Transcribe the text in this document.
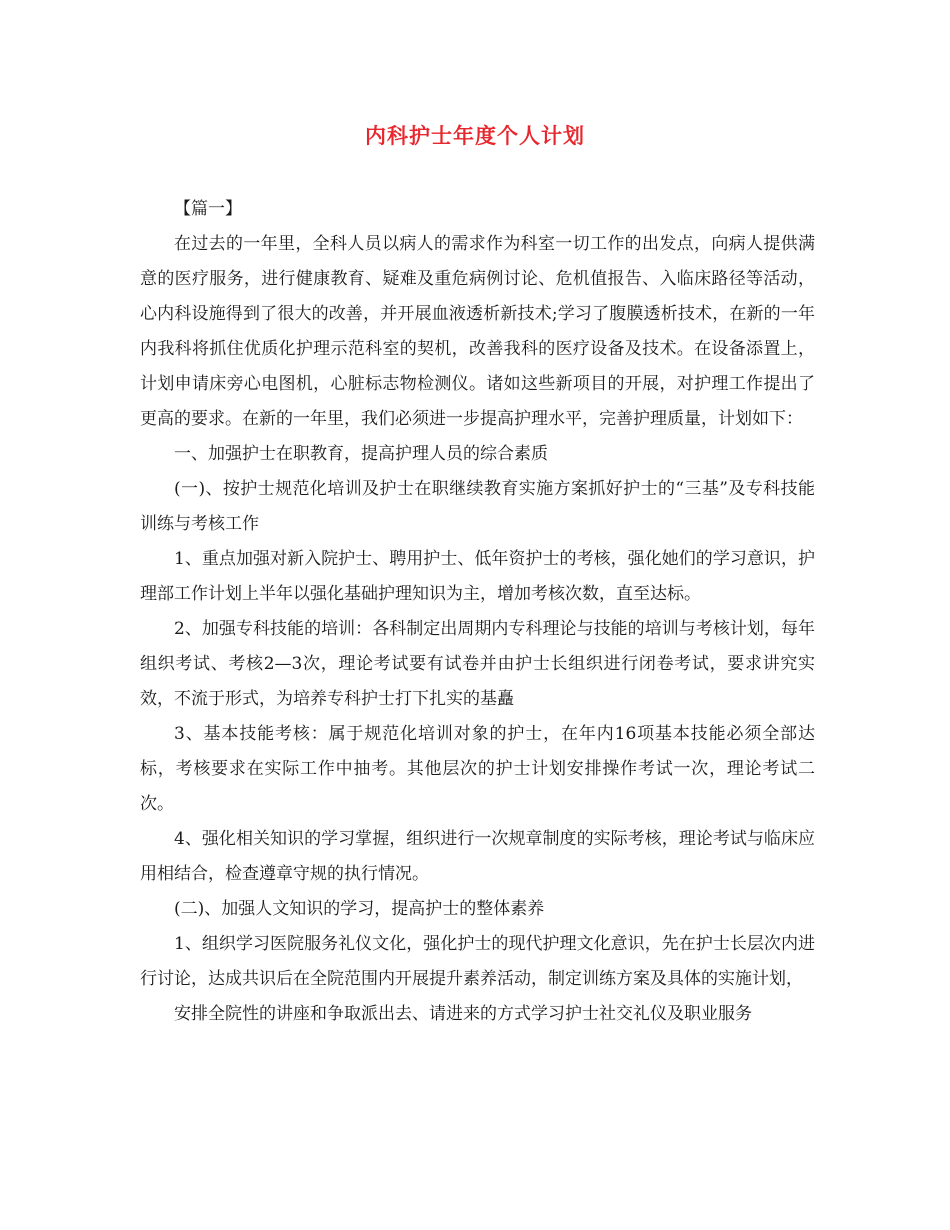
内科护士年度个人计划

【篇一】

在过去的一年里，全科人员以病人的需求作为科室一切工作的出发点，向病人提供满意的医疗服务，进行健康教育、疑难及重危病例讨论、危机值报告、入临床路径等活动，心内科设施得到了很大的改善，并开展血液透析新技术;学习了腹膜透析技术，在新的一年内我科将抓住优质化护理示范科室的契机，改善我科的医疗设备及技术。在设备添置上，计划申请床旁心电图机，心脏标志物检测仪。诸如这些新项目的开展，对护理工作提出了更高的要求。在新的一年里，我们必须进一步提高护理水平，完善护理质量，计划如下：

一、加强护士在职教育，提高护理人员的综合素质

(一)、按护士规范化培训及护士在职继续教育实施方案抓好护士的“三基”及专科技能训练与考核工作

1、重点加强对新入院护士、聘用护士、低年资护士的考核，强化她们的学习意识，护理部工作计划上半年以强化基础护理知识为主，增加考核次数，直至达标。

2、加强专科技能的培训：各科制定出周期内专科理论与技能的培训与考核计划，每年组织考试、考核2—3次，理论考试要有试卷并由护士长组织进行闭卷考试，要求讲究实效，不流于形式，为培养专科护士打下扎实的基矗

3、基本技能考核：属于规范化培训对象的护士，在年内16项基本技能必须全部达标，考核要求在实际工作中抽考。其他层次的护士计划安排操作考试一次，理论考试二次。

4、强化相关知识的学习掌握，组织进行一次规章制度的实际考核，理论考试与临床应用相结合，检查遵章守规的执行情况。

(二)、加强人文知识的学习，提高护士的整体素养

1、组织学习医院服务礼仪文化，强化护士的现代护理文化意识，先在护士长层次内进行讨论，达成共识后在全院范围内开展提升素养活动，制定训练方案及具体的实施计划，

安排全院性的讲座和争取派出去、请进来的方式学习护士社交礼仪及职业服务
